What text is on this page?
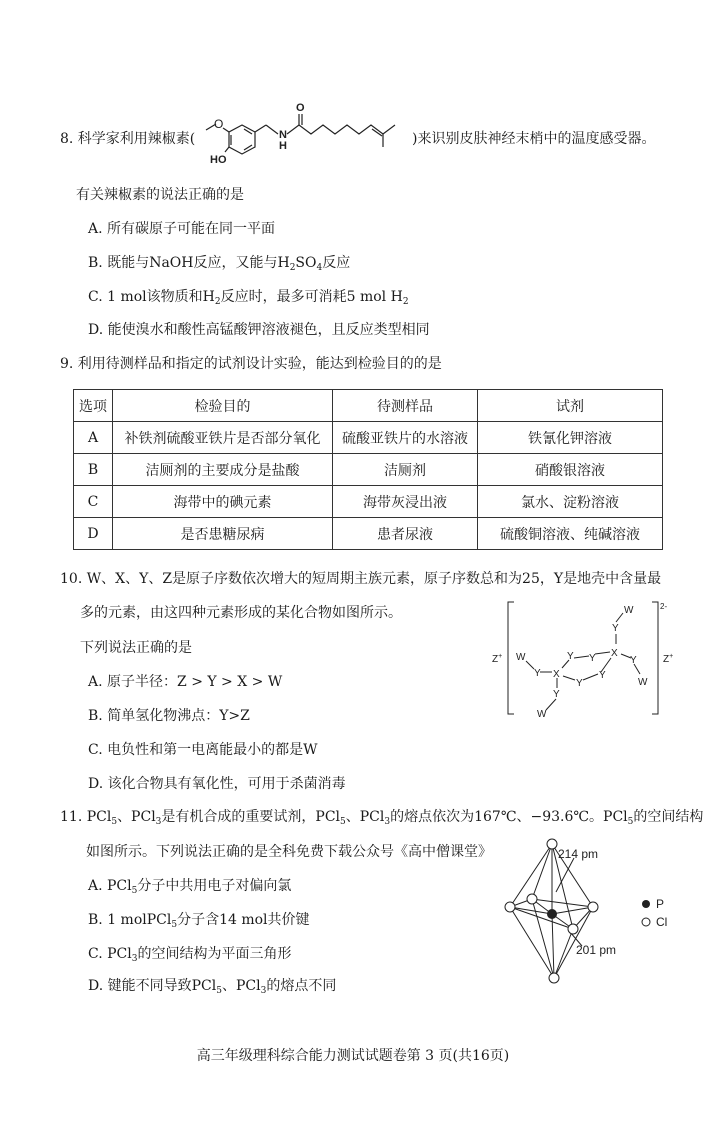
8. 科学家利用辣椒素(
O
HO
N
H
O
)来识别皮肤神经末梢中的温度感受器。
有关辣椒素的说法正确的是
A. 所有碳原子可能在同一平面
B. 既能与NaOH反应，又能与$H_2SO_4$反应
C. 1 mol该物质和$H_2$反应时，最多可消耗5 mol $H_2$
D. 能使溴水和酸性高锰酸钾溶液褪色，且反应类型相同
9. 利用待测样品和指定的试剂设计实验，能达到检验目的的是
选项	检验目的	待测样品	试剂
A	补铁剂硫酸亚铁片是否部分氧化	硫酸亚铁片的水溶液	铁氰化钾溶液
B	洁厕剂的主要成分是盐酸	洁厕剂	硝酸银溶液
C	海带中的碘元素	海带灰浸出液	氯水、淀粉溶液
D	是否患糖尿病	患者尿液	硫酸铜溶液、纯碱溶液
10. W、X、Y、Z是原子序数依次增大的短周期主族元素，原子序数总和为25，Y是地壳中含量最
多的元素，由这四种元素形成的某化合物如图所示。
下列说法正确的是
A. 原子半径：Z > Y > X > W
B. 简单氢化物沸点：Y>Z
C. 电负性和第一电离能最小的都是W
D. 该化合物具有氧化性，可用于杀菌消毒
2-
Z+	Z+
W
Y X
Y
Y
Y
Y
X
Y
W
Y
W
Y
W
11. PCl$_5$、PCl$_3$是有机合成的重要试剂，PCl$_5$、PCl$_3$的熔点依次为167℃、−93.6℃。PCl$_5$的空间结构
如图所示。下列说法正确的是全科免费下载公众号《高中僧课堂》
A. PCl$_5$分子中共用电子对偏向氯
B. 1 molPCl$_5$分子含14 mol共价键
C. PCl$_3$的空间结构为平面三角形
D. 键能不同导致PCl$_5$、PCl$_3$的熔点不同
214 pm
201 pm
P
Cl
高三年级理科综合能力测试试题卷第 3 页(共16页)
